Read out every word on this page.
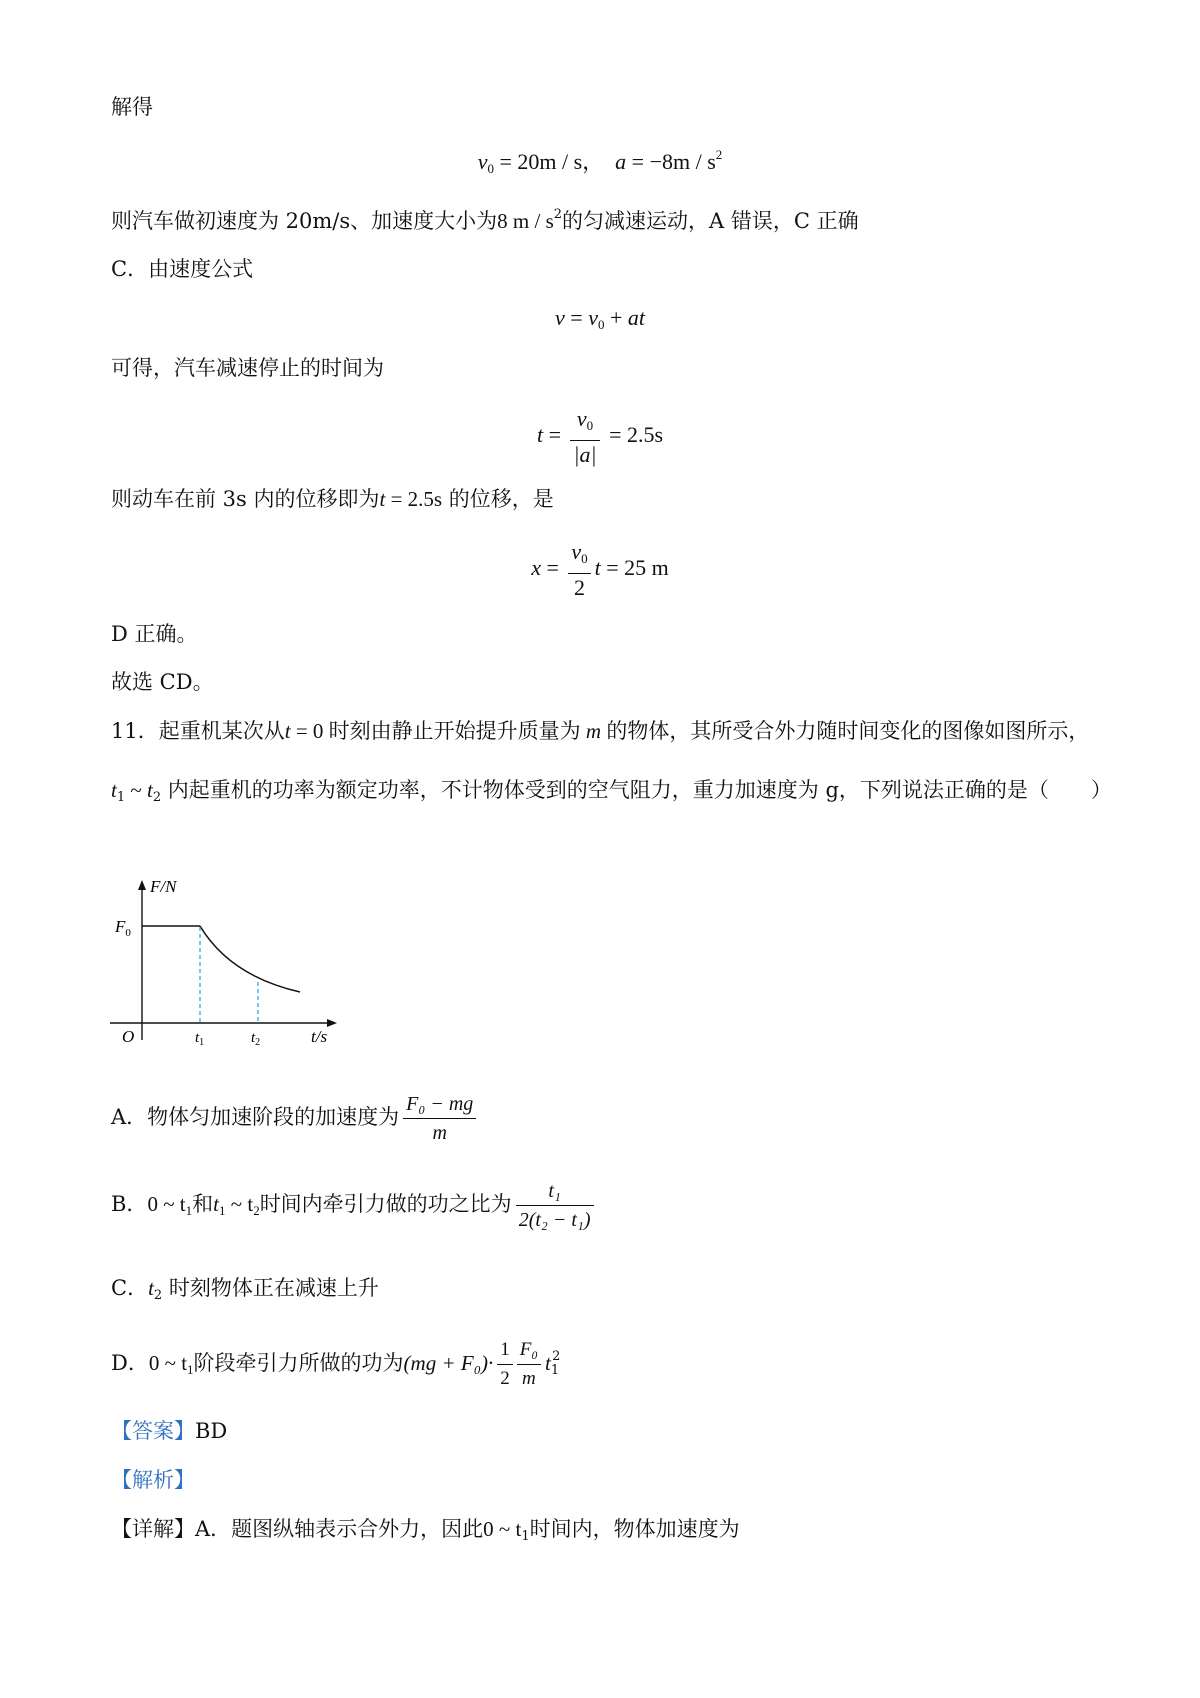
解得
$v_0 = 20m / s$， $a = -8m / s^2$
则汽车做初速度为 20m/s、加速度大小为8 m / $s^2$的匀减速运动，A 错误，C 正确
C．由速度公式
$v = v_0$ + at
可得，汽车减速停止的时间为
$t = \frac{v_0}{|a|} = 2.5s$
则动车在前 3s 内的位移即为t = 2.5s 的位移，是
$x = \frac{v_0}{2}$ t = 25 m
D 正确。
故选 CD。
11．起重机某次从t = 0 时刻由静止开始提升质量为 m 的物体，其所受合外力随时间变化的图像如图所示，
$t_1$ ~ $t_2$ 内起重机的功率为额定功率，不计物体受到的空气阻力，重力加速度为 g，下列说法正确的是（　　）
F/N
$F_0$
O	$t_1$	$t_2$	t/s
A．物体匀加速阶段的加速度为 $\frac{\text{F₀ − mg}}{m}$
B．0 ~ $t_1$和$t_1$ ~ $t_2$时间内牵引力做的功之比为 $\frac{\text{t₁}}{\text{2(t₂ − t₁)}}$
C．$t_2$ 时刻物体正在减速上升
D．0 ~ $t_1$阶段牵引力所做的功为$(mg + F_0)\cdot \frac{1}{2} \frac{\text{F₀}}{m} t_1^2$
【答案】BD
【解析】
【详解】A．题图纵轴表示合外力，因此0 ~ $t_1$时间内，物体加速度为
